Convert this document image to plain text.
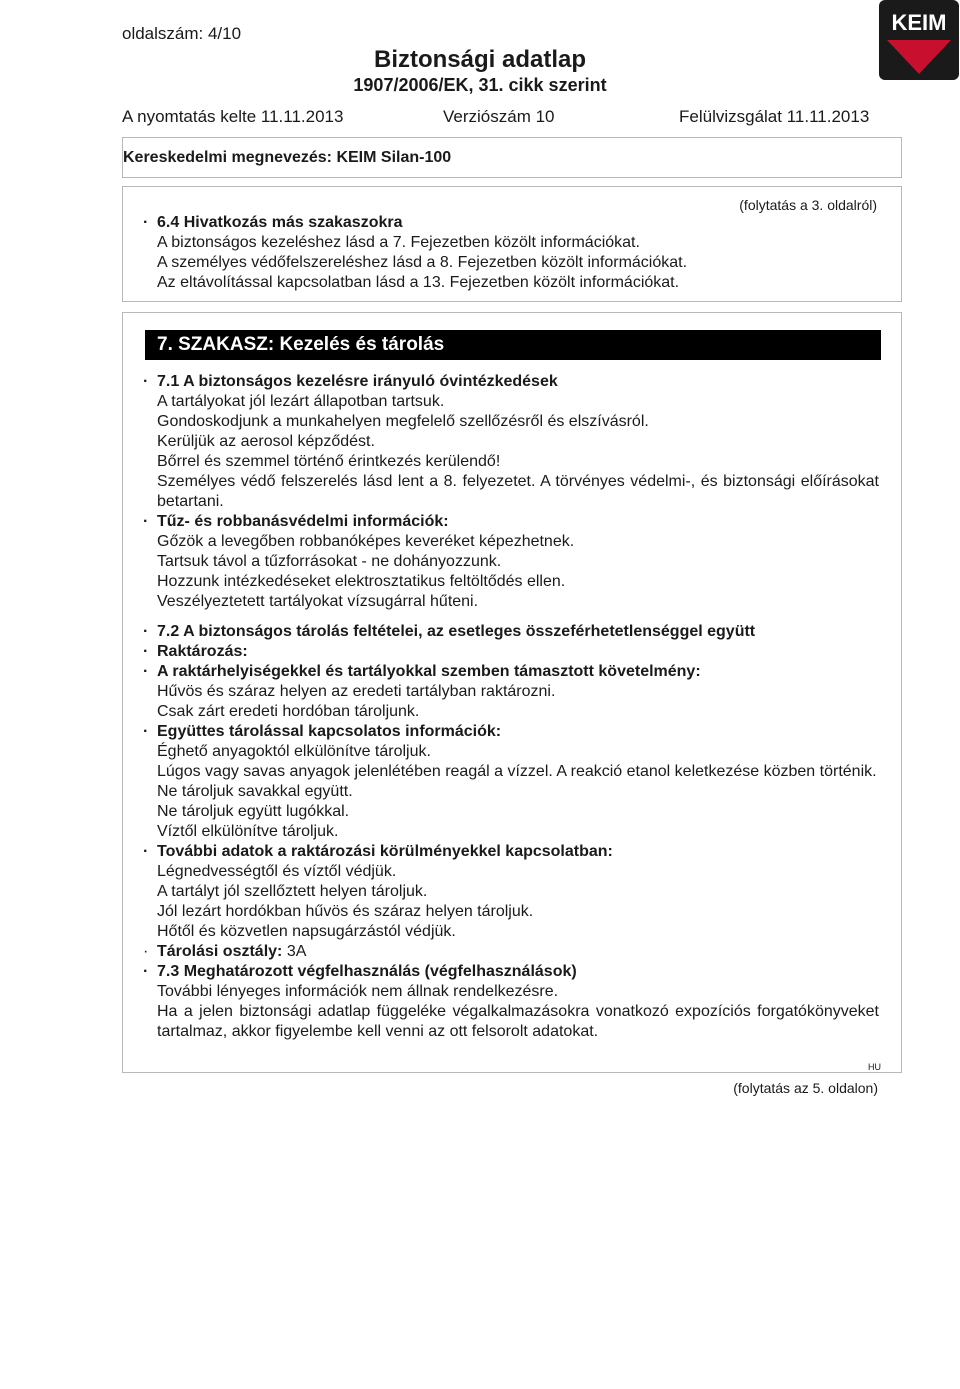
oldalszám: 4/10
Biztonsági adatlap
1907/2006/EK, 31. cikk szerint
A nyomtatás kelte 11.11.2013	Verziószám 10	Felülvizsgálat 11.11.2013
KEIM
Kereskedelmi megnevezés: KEIM Silan-100
(folytatás a 3. oldalról)
· 6.4 Hivatkozás más szakaszokra
A biztonságos kezeléshez lásd a 7. Fejezetben közölt információkat.
A személyes védőfelszereléshez lásd a 8. Fejezetben közölt információkat.
Az eltávolítással kapcsolatban lásd a 13. Fejezetben közölt információkat.
7. SZAKASZ: Kezelés és tárolás
· 7.1 A biztonságos kezelésre irányuló óvintézkedések
A tartályokat jól lezárt állapotban tartsuk.
Gondoskodjunk a munkahelyen megfelelő szellőzésről és elszívásról.
Kerüljük az aerosol képződést.
Bőrrel és szemmel történő érintkezés kerülendő!
Személyes védő felszerelés lásd lent a 8. felyezetet. A törvényes védelmi-, és biztonsági előírásokat betartani.
· Tűz- és robbanásvédelmi információk:
Gőzök a levegőben robbanóképes keveréket képezhetnek.
Tartsuk távol a tűzforrásokat - ne dohányozzunk.
Hozzunk intézkedéseket elektrosztatikus feltöltődés ellen.
Veszélyeztetett tartályokat vízsugárral hűteni.
· 7.2 A biztonságos tárolás feltételei, az esetleges összeférhetetlenséggel együtt
· Raktározás:
· A raktárhelyiségekkel és tartályokkal szemben támasztott követelmény:
Hűvös és száraz helyen az eredeti tartályban raktározni.
Csak zárt eredeti hordóban tároljunk.
· Együttes tárolással kapcsolatos információk:
Éghető anyagoktól elkülönítve tároljuk.
Lúgos vagy savas anyagok jelenlétében reagál a vízzel. A reakció etanol keletkezése közben történik.
Ne tároljuk savakkal együtt.
Ne tároljuk együtt lugókkal.
Víztől elkülönítve tároljuk.
· További adatok a raktározási körülményekkel kapcsolatban:
Légnedvességtől és víztől védjük.
A tartályt jól szellőztett helyen tároljuk.
Jól lezárt hordókban hűvös és száraz helyen tároljuk.
Hőtől és közvetlen napsugárzástól védjük.
· Tárolási osztály: 3A
· 7.3 Meghatározott végfelhasználás (végfelhasználások)
További lényeges információk nem állnak rendelkezésre.
Ha a jelen biztonsági adatlap függeléke végalkalmazásokra vonatkozó expozíciós forgatókönyveket tartalmaz, akkor figyelembe kell venni az ott felsorolt adatokat.
HU
(folytatás az 5. oldalon)
